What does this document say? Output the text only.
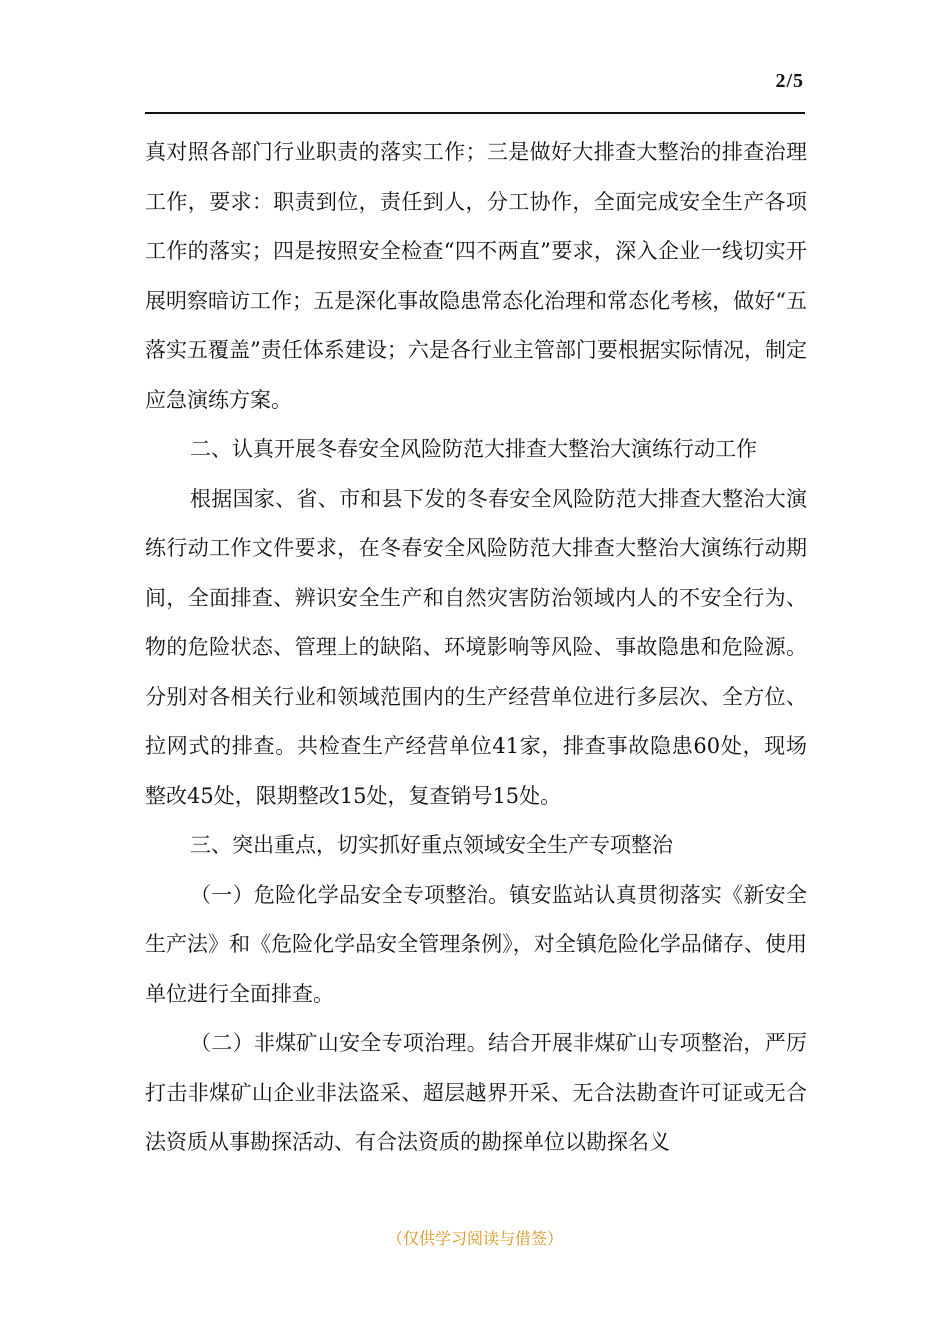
2/5

真对照各部门行业职责的落实工作；三是做好大排查大整治的排查治理工作，要求：职责到位，责任到人，分工协作，全面完成安全生产各项工作的落实；四是按照安全检查“四不两直”要求，深入企业一线切实开展明察暗访工作；五是深化事故隐患常态化治理和常态化考核，做好“五落实五覆盖”责任体系建设；六是各行业主管部门要根据实际情况，制定应急演练方案。

二、认真开展冬春安全风险防范大排查大整治大演练行动工作

根据国家、省、市和县下发的冬春安全风险防范大排查大整治大演练行动工作文件要求，在冬春安全风险防范大排查大整治大演练行动期间，全面排查、辨识安全生产和自然灾害防治领域内人的不安全行为、物的危险状态、管理上的缺陷、环境影响等风险、事故隐患和危险源。分别对各相关行业和领域范围内的生产经营单位进行多层次、全方位、拉网式的排查。共检查生产经营单位41家，排查事故隐患60处，现场整改45处，限期整改15处，复查销号15处。

三、突出重点，切实抓好重点领域安全生产专项整治

（一）危险化学品安全专项整治。镇安监站认真贯彻落实《新安全生产法》和《危险化学品安全管理条例》，对全镇危险化学品储存、使用单位进行全面排查。

（二）非煤矿山安全专项治理。结合开展非煤矿山专项整治，严厉打击非煤矿山企业非法盗采、超层越界开采、无合法勘查许可证或无合法资质从事勘探活动、有合法资质的勘探单位以勘探名义

（仅供学习阅读与借签）
